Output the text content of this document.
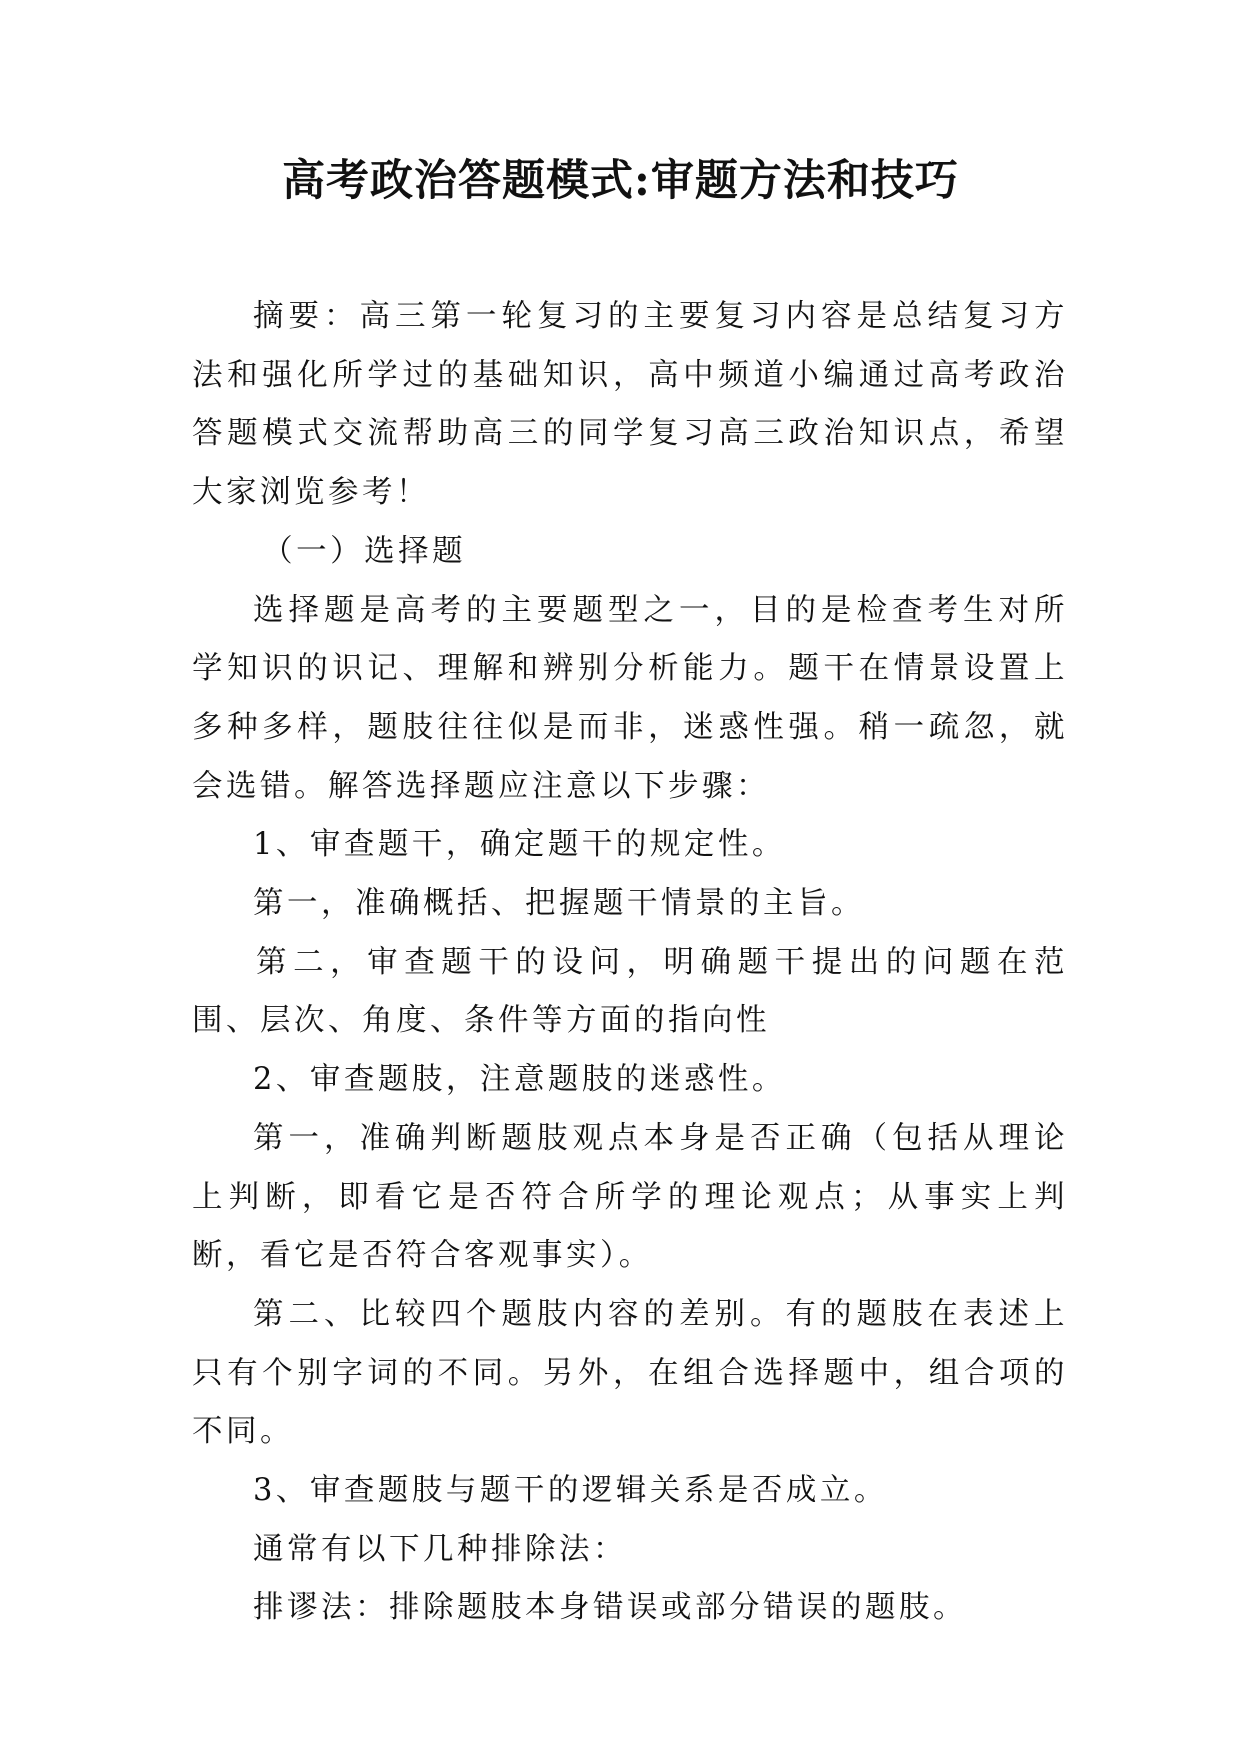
高考政治答题模式:审题方法和技巧

摘要：高三第一轮复习的主要复习内容是总结复习方法和强化所学过的基础知识，高中频道小编通过高考政治答题模式交流帮助高三的同学复习高三政治知识点，希望大家浏览参考！

（一）选择题

选择题是高考的主要题型之一，目的是检查考生对所学知识的识记、理解和辨别分析能力。题干在情景设置上多种多样，题肢往往似是而非，迷惑性强。稍一疏忽，就会选错。解答选择题应注意以下步骤：

1、审查题干，确定题干的规定性。

第一，准确概括、把握题干情景的主旨。

第二，审查题干的设问，明确题干提出的问题在范围、层次、角度、条件等方面的指向性

2、审查题肢，注意题肢的迷惑性。

第一，准确判断题肢观点本身是否正确（包括从理论上判断，即看它是否符合所学的理论观点；从事实上判断，看它是否符合客观事实）。

第二、比较四个题肢内容的差别。有的题肢在表述上只有个别字词的不同。另外，在组合选择题中，组合项的不同。

3、审查题肢与题干的逻辑关系是否成立。

通常有以下几种排除法：

排谬法：排除题肢本身错误或部分错误的题肢。
